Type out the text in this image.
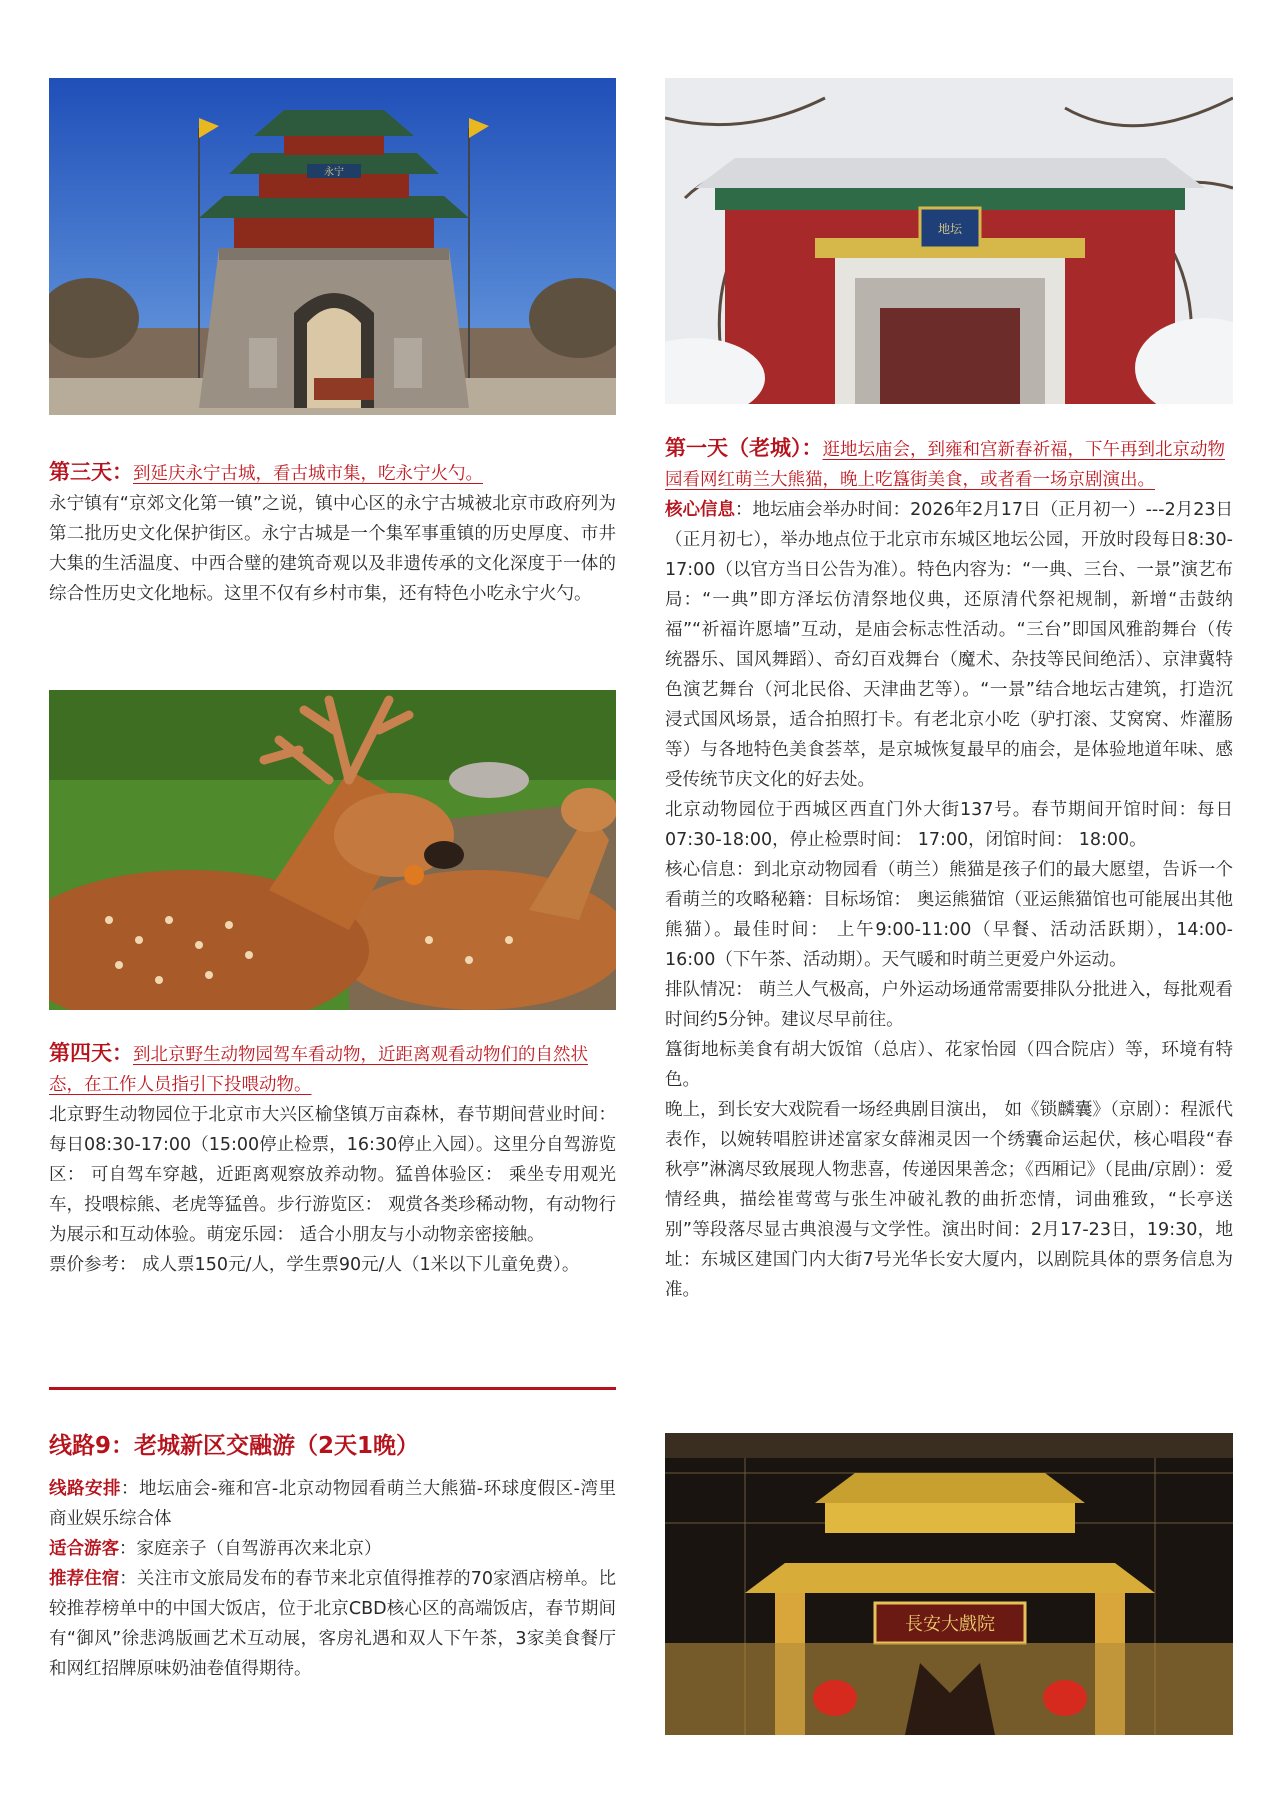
永宁

第三天：到延庆永宁古城，看古城市集，吃永宁火勺。

永宁镇有“京郊文化第一镇”之说，镇中心区的永宁古城被北京市政府列为第二批历史文化保护街区。永宁古城是一个集军事重镇的历史厚度、市井大集的生活温度、中西合璧的建筑奇观以及非遗传承的文化深度于一体的综合性历史文化地标。这里不仅有乡村市集，还有特色小吃永宁火勺。

第四天：到北京野生动物园驾车看动物，近距离观看动物们的自然状态，在工作人员指引下投喂动物。

北京野生动物园位于北京市大兴区榆垡镇万亩森林，春节期间营业时间： 每日08:30-17:00（15:00停止检票，16:30停止入园）。这里分自驾游览区： 可自驾车穿越，近距离观察放养动物。猛兽体验区： 乘坐专用观光车，投喂棕熊、老虎等猛兽。步行游览区： 观赏各类珍稀动物，有动物行为展示和互动体验。萌宠乐园： 适合小朋友与小动物亲密接触。

票价参考： 成人票150元/人，学生票90元/人（1米以下儿童免费）。

线路9：老城新区交融游（2天1晚）

线路安排：地坛庙会-雍和宫-北京动物园看萌兰大熊猫-环球度假区-湾里商业娱乐综合体

适合游客：家庭亲子（自驾游再次来北京）

推荐住宿：关注市文旅局发布的春节来北京值得推荐的70家酒店榜单。比较推荐榜单中的中国大饭店，位于北京CBD核心区的高端饭店，春节期间有“御风”徐悲鸿版画艺术互动展，客房礼遇和双人下午茶，3家美食餐厅和网红招牌原味奶油卷值得期待。

地坛

第一天（老城）：逛地坛庙会，到雍和宫新春祈福，下午再到北京动物园看网红萌兰大熊猫，晚上吃簋街美食，或者看一场京剧演出。

核心信息：地坛庙会举办时间：2026年2月17日（正月初一）---2月23日（正月初七），举办地点位于北京市东城区地坛公园，开放时段每日8:30-17:00（以官方当日公告为准）。特色内容为：“一典、三台、一景”演艺布局：“一典”即方泽坛仿清祭地仪典，还原清代祭祀规制，新增“击鼓纳福”“祈福许愿墙”互动，是庙会标志性活动。“三台”即国风雅韵舞台（传统器乐、国风舞蹈）、奇幻百戏舞台（魔术、杂技等民间绝活）、京津冀特色演艺舞台（河北民俗、天津曲艺等）。“一景”结合地坛古建筑，打造沉浸式国风场景，适合拍照打卡。有老北京小吃（驴打滚、艾窝窝、炸灌肠等）与各地特色美食荟萃，是京城恢复最早的庙会，是体验地道年味、感受传统节庆文化的好去处。

北京动物园位于西城区西直门外大街137号。春节期间开馆时间：每日07:30-18:00，停止检票时间： 17:00，闭馆时间： 18:00。

核心信息：到北京动物园看（萌兰）熊猫是孩子们的最大愿望，告诉一个看萌兰的攻略秘籍：目标场馆： 奥运熊猫馆（亚运熊猫馆也可能展出其他熊猫）。最佳时间： 上午9:00-11:00（早餐、活动活跃期），14:00-16:00（下午茶、活动期）。天气暖和时萌兰更爱户外运动。

排队情况： 萌兰人气极高，户外运动场通常需要排队分批进入，每批观看时间约5分钟。建议尽早前往。

簋街地标美食有胡大饭馆（总店）、花家怡园（四合院店）等，环境有特色。

晚上，到长安大戏院看一场经典剧目演出， 如《锁麟囊》（京剧）：程派代表作，以婉转唱腔讲述富家女薛湘灵因一个绣囊命运起伏，核心唱段“春秋亭”淋漓尽致展现人物悲喜，传递因果善念；《西厢记》（昆曲/京剧）：爱情经典，描绘崔莺莺与张生冲破礼教的曲折恋情，词曲雅致，“长亭送别”等段落尽显古典浪漫与文学性。演出时间：2月17-23日，19:30，地址：东城区建国门内大街7号光华长安大厦内，以剧院具体的票务信息为准。

長安大戲院
